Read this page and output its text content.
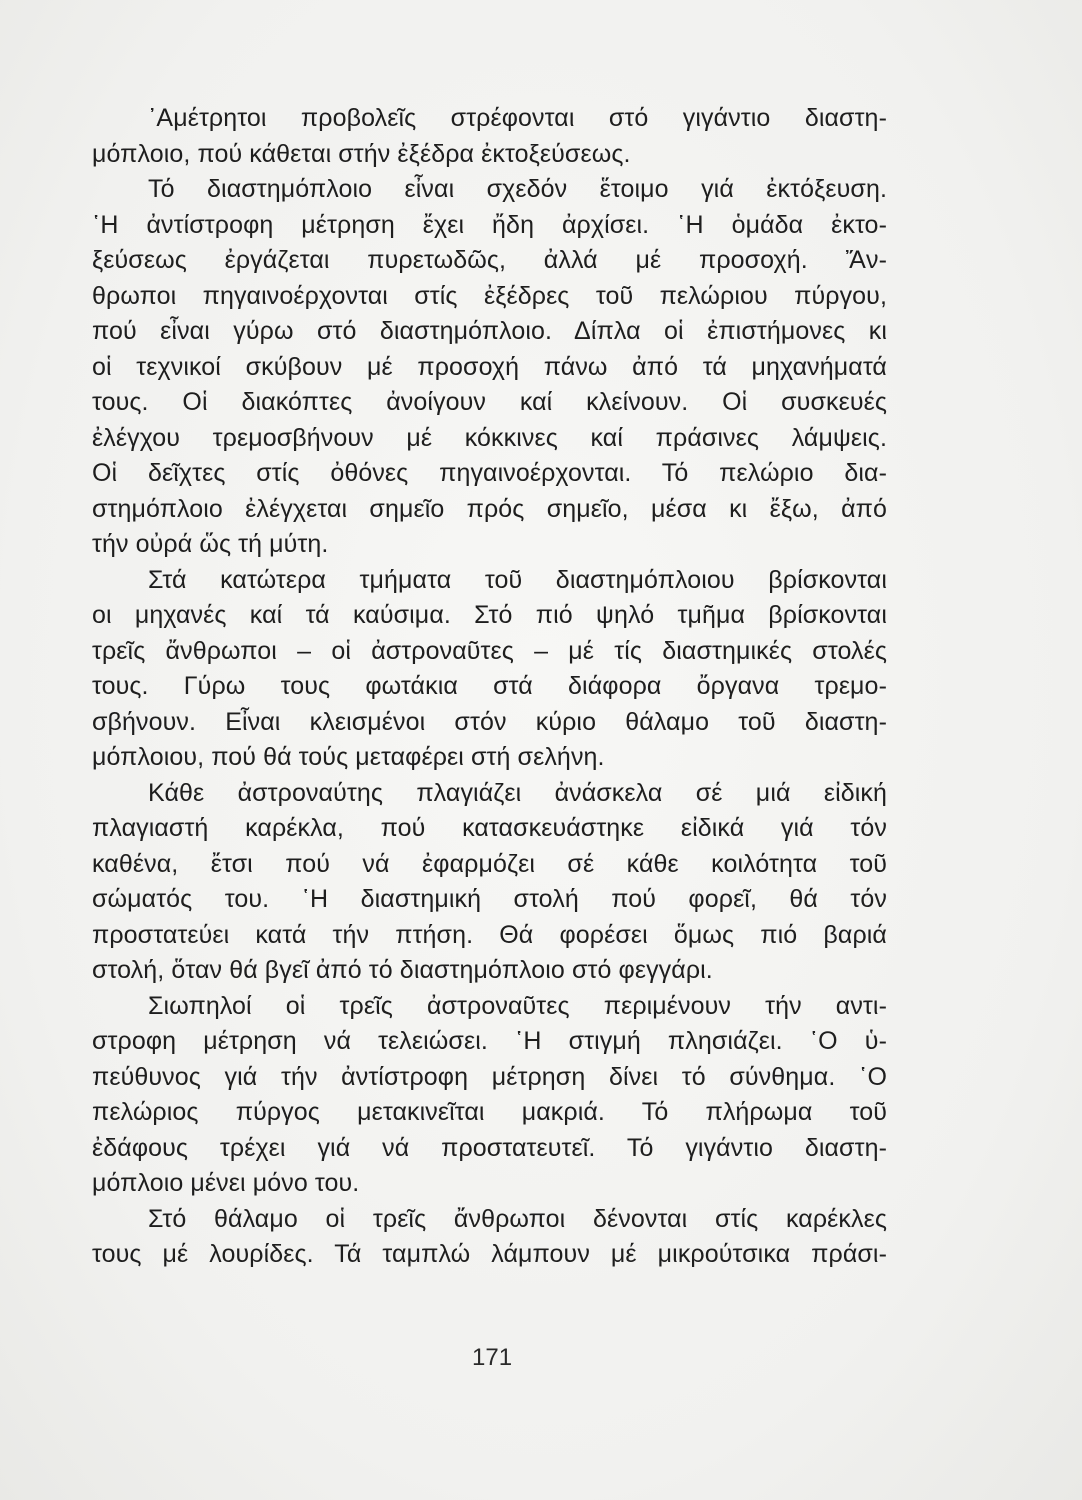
᾽Αμέτρητοι προβολεῖς στρέφονται στό γιγάντιο διαστη-
μόπλοιο, πού κάθεται στήν ἐξέδρα ἐκτοξεύσεως.
Τό διαστημόπλοιο εἶναι σχεδόν ἕτοιμο γιά ἐκτόξευση.
῾Η ἀντίστροφη μέτρηση ἔχει ἤδη ἀρχίσει. ῾Η ὁμάδα ἐκτο-
ξεύσεως ἐργάζεται πυρετωδῶς, ἀλλά μέ προσοχή. Ἄν-
θρωποι πηγαινοέρχονται στίς ἐξέδρες τοῦ πελώριου πύργου,
πού εἶναι γύρω στό διαστημόπλοιο. Δίπλα οἱ ἐπιστήμονες κι
οἱ τεχνικοί σκύβουν μέ προσοχή πάνω ἀπό τά μηχανήματά
τους. Οἱ διακόπτες ἀνοίγουν καί κλείνουν. Οἱ συσκευές
ἐλέγχου τρεμοσβήνουν μέ κόκκινες καί πράσινες λάμψεις.
Οἱ δεῖχτες στίς ὀθόνες πηγαινοέρχονται. Τό πελώριο δια-
στημόπλοιο ἐλέγχεται σημεῖο πρός σημεῖο, μέσα κι ἔξω, ἀπό
τήν οὐρά ὥς τή μύτη.
Στά κατώτερα τμήματα τοῦ διαστημόπλοιου βρίσκονται
οι μηχανές καί τά καύσιμα. Στό πιό ψηλό τμῆμα βρίσκονται
τρεῖς ἄνθρωποι – οἱ ἀστροναῦτες – μέ τίς διαστημικές στολές
τους. Γύρω τους φωτάκια στά διάφορα ὄργανα τρεμο-
σβήνουν. Εἶναι κλεισμένοι στόν κύριο θάλαμο τοῦ διαστη-
μόπλοιου, πού θά τούς μεταφέρει στή σελήνη.
Κάθε ἀστροναύτης πλαγιάζει ἀνάσκελα σέ μιά εἰδική
πλαγιαστή καρέκλα, πού κατασκευάστηκε εἰδικά γιά τόν
καθένα, ἔτσι πού νά ἐφαρμόζει σέ κάθε κοιλότητα τοῦ
σώματός του. ῾Η διαστημική στολή πού φορεῖ, θά τόν
προστατεύει κατά τήν πτήση. Θά φορέσει ὅμως πιό βαριά
στολή, ὅταν θά βγεῖ ἀπό τό διαστημόπλοιο στό φεγγάρι.
Σιωπηλοί οἱ τρεῖς ἀστροναῦτες περιμένουν τήν αντι-
στροφη μέτρηση νά τελειώσει. ῾Η στιγμή πλησιάζει. ῾Ο ὑ-
πεύθυνος γιά τήν ἀντίστροφη μέτρηση δίνει τό σύνθημα. ῾Ο
πελώριος πύργος μετακινεῖται μακριά. Τό πλήρωμα τοῦ
ἐδάφους τρέχει γιά νά προστατευτεῖ. Τό γιγάντιο διαστη-
μόπλοιο μένει μόνο του.
Στό θάλαμο οἱ τρεῖς ἄνθρωποι δένονται στίς καρέκλες
τους μέ λουρίδες. Τά ταμπλώ λάμπουν μέ μικρούτσικα πράσι-
171
